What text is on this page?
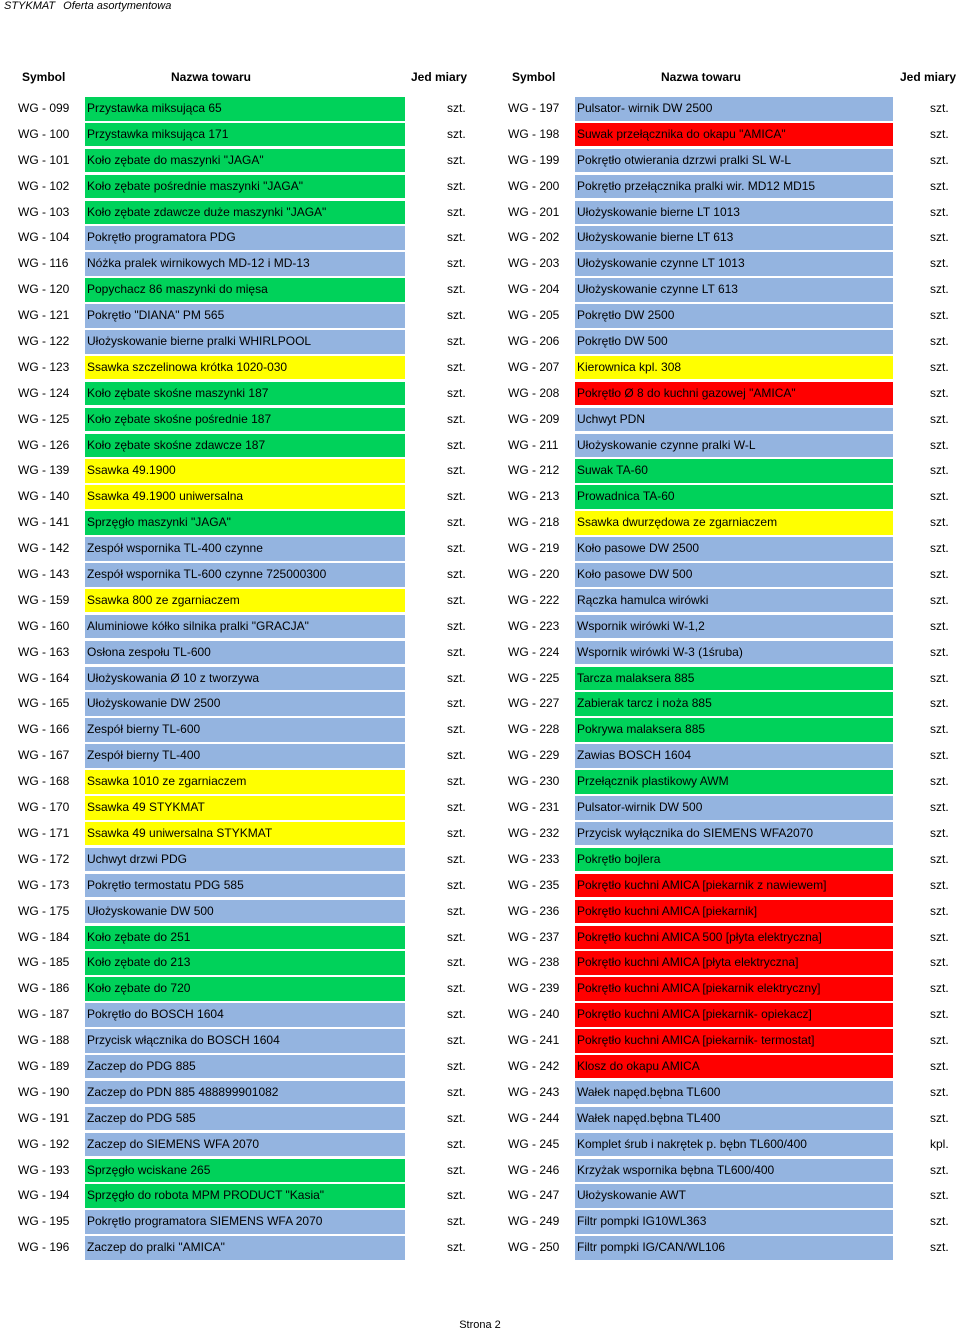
STYKMAT Oferta asortymentowa
Symbol	Nazwa towaru	Jed miary	Symbol	Nazwa towaru	Jed miary
WG - 099	Przystawka miksująca 65	szt.	WG - 197	Pulsator- wirnik DW 2500	szt.
WG - 100	Przystawka miksująca 171	szt.	WG - 198	Suwak przełącznika do okapu "AMICA"	szt.
WG - 101	Koło zębate do maszynki "JAGA"	szt.	WG - 199	Pokrętło otwierania dzrzwi pralki SL W-L	szt.
WG - 102	Koło zębate pośrednie maszynki "JAGA"	szt.	WG - 200	Pokrętło przełącznika pralki wir. MD12 MD15	szt.
WG - 103	Koło zębate zdawcze duże maszynki "JAGA"	szt.	WG - 201	Ułożyskowanie bierne LT 1013	szt.
WG - 104	Pokrętło programatora PDG	szt.	WG - 202	Ułożyskowanie bierne LT 613	szt.
WG - 116	Nóżka pralek wirnikowych MD-12 i MD-13	szt.	WG - 203	Ułożyskowanie czynne LT 1013	szt.
WG - 120	Popychacz 86 maszynki do mięsa	szt.	WG - 204	Ułożyskowanie czynne LT 613	szt.
WG - 121	Pokrętło "DIANA" PM 565	szt.	WG - 205	Pokrętło DW 2500	szt.
WG - 122	Ułożyskowanie bierne pralki WHIRLPOOL	szt.	WG - 206	Pokrętło DW 500	szt.
WG - 123	Ssawka szczelinowa krótka 1020-030	szt.	WG - 207	Kierownica kpl. 308	szt.
WG - 124	Koło zębate skośne maszynki 187	szt.	WG - 208	Pokrętło Ø 8 do kuchni gazowej "AMICA"	szt.
WG - 125	Koło zębate skośne pośrednie 187	szt.	WG - 209	Uchwyt PDN	szt.
WG - 126	Koło zębate skośne zdawcze 187	szt.	WG - 211	Ułożyskowanie czynne pralki W-L	szt.
WG - 139	Ssawka 49.1900	szt.	WG - 212	Suwak TA-60	szt.
WG - 140	Ssawka 49.1900 uniwersalna	szt.	WG - 213	Prowadnica TA-60	szt.
WG - 141	Sprzęgło maszynki "JAGA"	szt.	WG - 218	Ssawka dwurzędowa ze zgarniaczem	szt.
WG - 142	Zespół wspornika TL-400 czynne	szt.	WG - 219	Koło pasowe DW 2500	szt.
WG - 143	Zespół wspornika TL-600 czynne 725000300	szt.	WG - 220	Koło pasowe DW 500	szt.
WG - 159	Ssawka 800 ze zgarniaczem	szt.	WG - 222	Rączka hamulca wirówki	szt.
WG - 160	Aluminiowe kółko silnika pralki "GRACJA"	szt.	WG - 223	Wspornik wirówki W-1,2	szt.
WG - 163	Osłona zespołu TL-600	szt.	WG - 224	Wspornik wirówki W-3 (1śruba)	szt.
WG - 164	Ułożyskowania Ø 10 z tworzywa	szt.	WG - 225	Tarcza malaksera 885	szt.
WG - 165	Ułożyskowanie DW 2500	szt.	WG - 227	Zabierak tarcz i noża 885	szt.
WG - 166	Zespół bierny TL-600	szt.	WG - 228	Pokrywa malaksera 885	szt.
WG - 167	Zespół bierny TL-400	szt.	WG - 229	Zawias BOSCH 1604	szt.
WG - 168	Ssawka 1010 ze zgarniaczem	szt.	WG - 230	Przełącznik plastikowy AWM	szt.
WG - 170	Ssawka 49 STYKMAT	szt.	WG - 231	Pulsator-wirnik DW 500	szt.
WG - 171	Ssawka 49 uniwersalna STYKMAT	szt.	WG - 232	Przycisk wyłącznika do SIEMENS WFA2070	szt.
WG - 172	Uchwyt drzwi PDG	szt.	WG - 233	Pokrętło bojlera	szt.
WG - 173	Pokrętło termostatu PDG 585	szt.	WG - 235	Pokrętło kuchni AMICA [piekarnik z nawiewem]	szt.
WG - 175	Ułożyskowanie DW 500	szt.	WG - 236	Pokrętło kuchni AMICA [piekarnik]	szt.
WG - 184	Koło zębate do 251	szt.	WG - 237	Pokrętło kuchni AMICA 500 [płyta elektryczna]	szt.
WG - 185	Koło zębate do 213	szt.	WG - 238	Pokrętło kuchni AMICA [płyta elektryczna]	szt.
WG - 186	Koło zębate do 720	szt.	WG - 239	Pokrętło kuchni AMICA [piekarnik elektryczny]	szt.
WG - 187	Pokrętło do BOSCH 1604	szt.	WG - 240	Pokrętło kuchni AMICA [piekarnik- opiekacz]	szt.
WG - 188	Przycisk włącznika do BOSCH 1604	szt.	WG - 241	Pokrętło kuchni AMICA [piekarnik- termostat]	szt.
WG - 189	Zaczep do PDG 885	szt.	WG - 242	Klosz do okapu AMICA	szt.
WG - 190	Zaczep do PDN 885 488899901082	szt.	WG - 243	Wałek napęd.bębna TL600	szt.
WG - 191	Zaczep do PDG 585	szt.	WG - 244	Wałek napęd.bębna TL400	szt.
WG - 192	Zaczep do SIEMENS WFA 2070	szt.	WG - 245	Komplet śrub i nakrętek p. bębn TL600/400	kpl.
WG - 193	Sprzęgło wciskane 265	szt.	WG - 246	Krzyżak wspornika bębna TL600/400	szt.
WG - 194	Sprzęgło do robota MPM PRODUCT "Kasia"	szt.	WG - 247	Ułożyskowanie AWT	szt.
WG - 195	Pokrętło programatora SIEMENS WFA 2070	szt.	WG - 249	Filtr pompki IG10WL363	szt.
WG - 196	Zaczep do pralki "AMICA"	szt.	WG - 250	Filtr pompki IG/CAN/WL106	szt.
Strona 2
